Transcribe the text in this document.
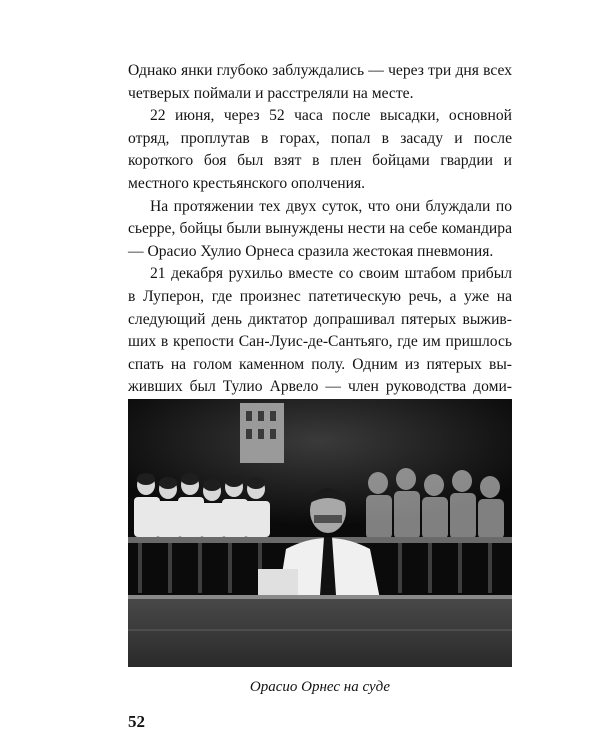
Однако янки глубоко заблуждались — через три дня всех четверых поймали и расстреляли на месте.

22 июня, через 52 часа после высадки, основной отряд, проплутав в горах, попал в засаду и после короткого боя был взят в плен бойцами гвардии и местного крестьянского ополчения.

На протяжении тех двух суток, что они блуждали по сьерре, бойцы были вынуждены нести на себе командира — Орасио Хулио Орнеса сразила жестокая пневмония.

21 декабря рухильо вместе со своим штабом прибыл в Луперон, где произнес патетическую речь, а уже на следующий день диктатор допрашивал пятерых выживших в крепости Сан-Луис-де-Сантьяго, где им пришлось спать на голом каменном полу. Одним из пятерых выживших был Тулио Арвело — член руководства доми

Орасио Орнес на суде
52
